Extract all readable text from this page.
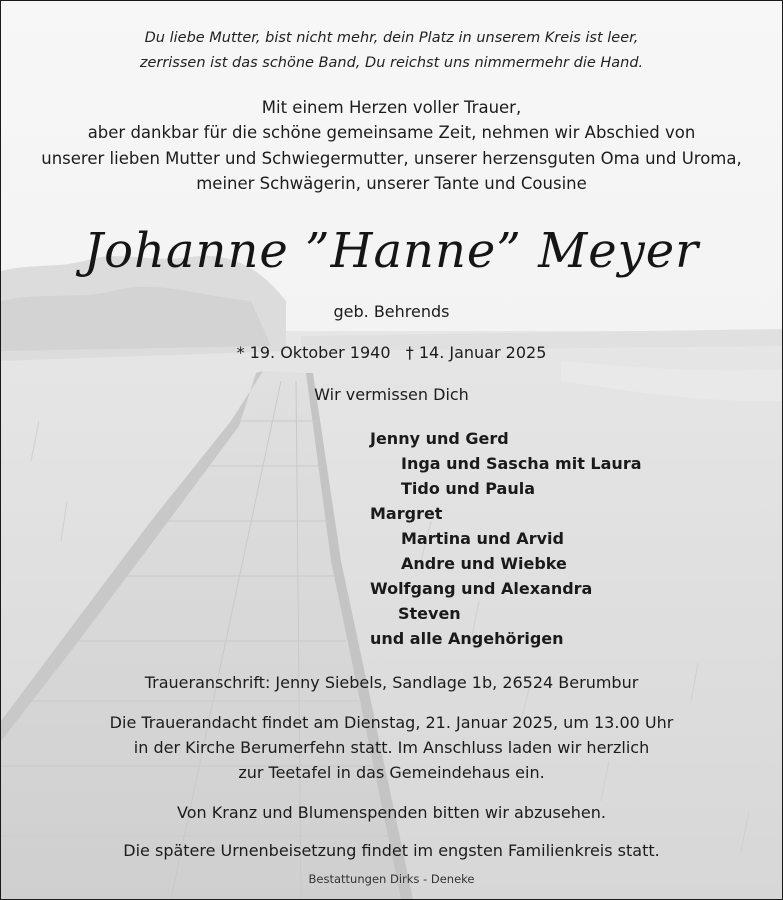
Du liebe Mutter, bist nicht mehr, dein Platz in unserem Kreis ist leer,
zerrissen ist das schöne Band, Du reichst uns nimmermehr die Hand.
Mit einem Herzen voller Trauer,
aber dankbar für die schöne gemeinsame Zeit, nehmen wir Abschied von
unserer lieben Mutter und Schwiegermutter, unserer herzensguten Oma und Uroma,
meiner Schwägerin, unserer Tante und Cousine
Johanne ”Hanne” Meyer
geb. Behrends
* 19. Oktober 1940   † 14. Januar 2025
Wir vermissen Dich
Jenny und Gerd
Inga und Sascha mit Laura
Tido und Paula
Margret
Martina und Arvid
Andre und Wiebke
Wolfgang und Alexandra
Steven
und alle Angehörigen
Traueranschrift: Jenny Siebels, Sandlage 1b, 26524 Berumbur
Die Trauerandacht findet am Dienstag, 21. Januar 2025, um 13.00 Uhr
in der Kirche Berumerfehn statt. Im Anschluss laden wir herzlich
zur Teetafel in das Gemeindehaus ein.
Von Kranz und Blumenspenden bitten wir abzusehen.
Die spätere Urnenbeisetzung findet im engsten Familienkreis statt.
Bestattungen Dirks - Deneke
